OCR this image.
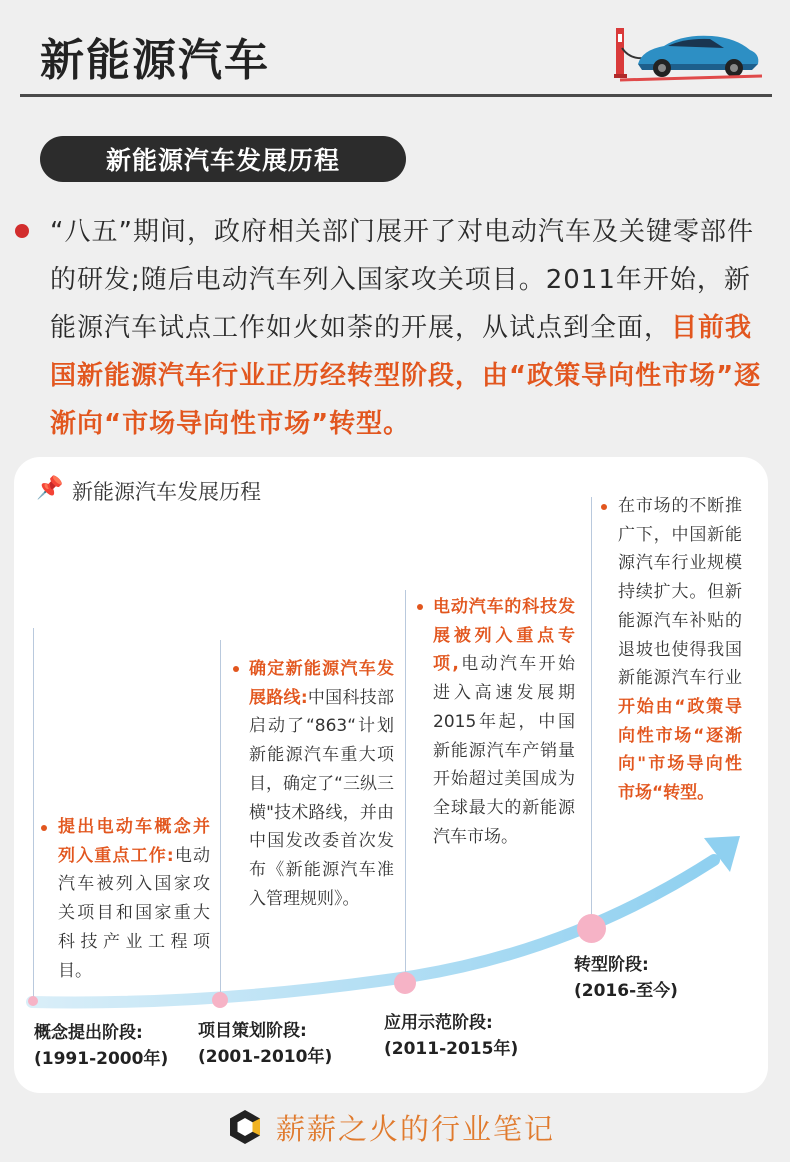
新能源汽车
新能源汽车发展历程
“八五”期间，政府相关部门展开了对电动汽车及关键零部件的研发;随后电动汽车列入国家攻关项目。2011年开始，新能源汽车试点工作如火如荼的开展，从试点到全面，目前我国新能源汽车行业正历经转型阶段，由“政策导向性市场”逐渐向“市场导向性市场”转型。
📌 新能源汽车发展历程
提出电动车概念并列入重点工作:电动汽车被列入国家攻关项目和国家重大科技产业工程项目。
概念提出阶段:
(1991-2000年)
确定新能源汽车发展路线:中国科技部启动了“863“计划新能源汽车重大项目，确定了“三纵三横"技术路线，并由中国发改委首次发布《新能源汽车准入管理规则》。
项目策划阶段:
(2001-2010年)
电动汽车的科技发展被列入重点专项,电动汽车开始进入高速发展期2015年起，中国新能源汽车产销量开始超过美国成为全球最大的新能源汽车市场。
应用示范阶段:
(2011-2015年)
在市场的不断推广下，中国新能源汽车行业规模持续扩大。但新能源汽车补贴的退坡也使得我国新能源汽车行业开始由“政策导向性市场“逐渐向"市场导向性市场“转型。
转型阶段:
(2016-至今)
薪薪之火的行业笔记
